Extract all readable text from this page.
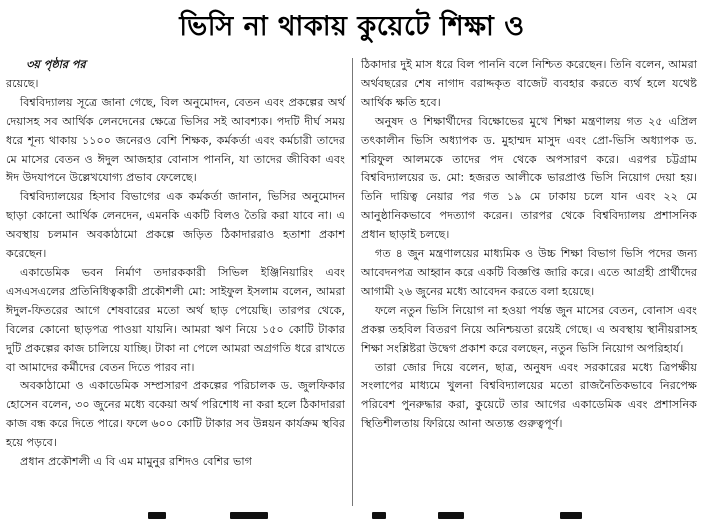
ভিসি না থাকায় কুয়েটে শিক্ষা ও
৩য় পৃষ্ঠার পর

রয়েছে।

বিশ্ববিদ্যালয় সূত্রে জানা গেছে, বিল অনুমোদন, বেতন এবং প্রকল্পের অর্থ দেয়াসহ সব আর্থিক লেনদেনের ক্ষেত্রে ভিসির সই আবশ্যক। পদটি দীর্ঘ সময় ধরে শূন্য থাকায় ১১০০ জনেরও বেশি শিক্ষক, কর্মকর্তা এবং কর্মচারী তাদের মে মাসের বেতন ও ঈদুল আজহার বোনাস পাননি, যা তাদের জীবিকা এবং ঈদ উদযাপনে উল্লেখযোগ্য প্রভাব ফেলেছে।

বিশ্ববিদ্যালয়ের হিসাব বিভাগের এক কর্মকর্তা জানান, ভিসির অনুমোদন ছাড়া কোনো আর্থিক লেনদেন, এমনকি একটি বিলও তৈরি করা যাবে না। এ অবস্থায় চলমান অবকাঠামো প্রকল্পে জড়িত ঠিকাদাররাও হতাশা প্রকাশ করেছেন।

একাডেমিক ভবন নির্মাণ তদারককারী সিভিল ইঞ্জিনিয়ারিং এবং এসএসএলের প্রতিনিধিত্বকারী প্রকৌশলী মো: সাইফুল ইসলাম বলেন, আমরা ঈদুল-ফিতরের আগে শেষবারের মতো অর্থ ছাড় পেয়েছি। তারপর থেকে, বিলের কোনো ছাড়পত্র পাওয়া যায়নি। আমরা ঋণ নিয়ে ১৫০ কোটি টাকার দুটি প্রকল্পের কাজ চালিয়ে যাচ্ছি। টাকা না পেলে আমরা অগ্রগতি ধরে রাখতে বা আমাদের কর্মীদের বেতন দিতে পারব না।

অবকাঠামো ও একাডেমিক সম্প্রসারণ প্রকল্পের পরিচালক ড. জুলফিকার হোসেন বলেন, ৩০ জুনের মধ্যে বকেয়া অর্থ পরিশোধ না করা হলে ঠিকাদাররা কাজ বন্ধ করে দিতে পারে। ফলে ৬০০ কোটি টাকার সব উন্নয়ন কার্যক্রম স্থবির হয়ে পড়বে।

প্রধান প্রকৌশলী এ বি এম মামুনুর রশিদও বেশির ভাগ

ঠিকাদার দুই মাস ধরে বিল পাননি বলে নিশ্চিত করেছেন। তিনি বলেন, আমরা অর্থবছরের শেষ নাগাদ বরাদ্দকৃত বাজেট ব্যবহার করতে ব্যর্থ হলে যথেষ্ট আর্থিক ক্ষতি হবে।

অনুষদ ও শিক্ষার্থীদের বিক্ষোভের মুখে শিক্ষা মন্ত্রণালয় গত ২৫ এপ্রিল তৎকালীন ভিসি অধ্যাপক ড. মুহাম্মদ মাসুদ এবং প্রো-ভিসি অধ্যাপক ড. শরিফুল আলমকে তাদের পদ থেকে অপসারণ করে। এরপর চট্টগ্রাম বিশ্ববিদ্যালয়ের ড. মো: হজরত আলীকে ভারপ্রাপ্ত ভিসি নিয়োগ দেয়া হয়। তিনি দায়িত্ব নেয়ার পর গত ১৯ মে ঢাকায় চলে যান এবং ২২ মে আনুষ্ঠানিকভাবে পদত্যাগ করেন। তারপর থেকে বিশ্ববিদ্যালয় প্রশাসনিক প্রধান ছাড়াই চলছে।

গত ৪ জুন মন্ত্রণালয়ের মাধ্যমিক ও উচ্চ শিক্ষা বিভাগ ভিসি পদের জন্য আবেদনপত্র আহ্বান করে একটি বিজ্ঞপ্তি জারি করে। এতে আগ্রহী প্রার্থীদের আগামী ২৬ জুনের মধ্যে আবেদন করতে বলা হয়েছে।

ফলে নতুন ভিসি নিয়োগ না হওয়া পর্যন্ত জুন মাসের বেতন, বোনাস এবং প্রকল্প তহবিল বিতরণ নিয়ে অনিশ্চয়তা রয়েই গেছে। এ অবস্থায় স্থানীয়রাসহ শিক্ষা সংশ্লিষ্টরা উদ্বেগ প্রকাশ করে বলছেন, নতুন ভিসি নিয়োগ অপরিহার্য।

তারা জোর দিয়ে বলেন, ছাত্র, অনুষদ এবং সরকারের মধ্যে ত্রিপক্ষীয় সংলাপের মাধ্যমে খুলনা বিশ্ববিদ্যালয়ের মতো রাজনৈতিকভাবে নিরপেক্ষ পরিবেশ পুনরুদ্ধার করা, কুয়েটে তার আগের একাডেমিক এবং প্রশাসনিক স্থিতিশীলতায় ফিরিয়ে আনা অত্যন্ত গুরুত্বপূর্ণ।
